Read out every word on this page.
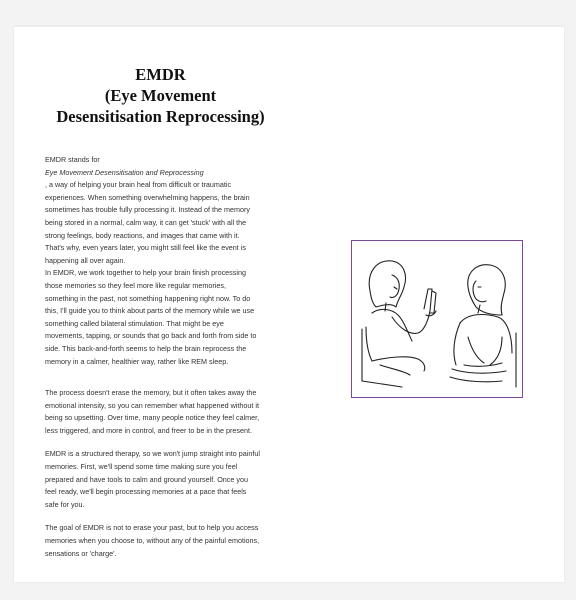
EMDR
(Eye Movement
Desensitisation Reprocessing)

EMDR stands for

Eye Movement Desensitisation and Reprocessing

, a way of helping your brain heal from difficult or traumatic experiences. When something overwhelming happens, the brain sometimes has trouble fully processing it. Instead of the memory being stored in a normal, calm way, it can get 'stuck' with all the strong feelings, body reactions, and images that came with it. That's why, even years later, you might still feel like the event is happening all over again.

In EMDR, we work together to help your brain finish processing those memories so they feel more like regular memories, something in the past, not something happening right now. To do this, I'll guide you to think about parts of the memory while we use something called bilateral stimulation. That might be eye movements, tapping, or sounds that go back and forth from side to side. This back-and-forth seems to help the brain reprocess the memory in a calmer, healthier way, rather like REM sleep.

The process doesn't erase the memory, but it often takes away the emotional intensity, so you can remember what happened without it being so upsetting. Over time, many people notice they feel calmer, less triggered, and more in control, and freer to be in the present.

EMDR is a structured therapy, so we won't jump straight into painful memories. First, we'll spend some time making sure you feel prepared and have tools to calm and ground yourself. Once you feel ready, we'll begin processing memories at a pace that feels safe for you.

The goal of EMDR is not to erase your past, but to help you access memories when you choose to, without any of the painful emotions, sensations or 'charge'.
